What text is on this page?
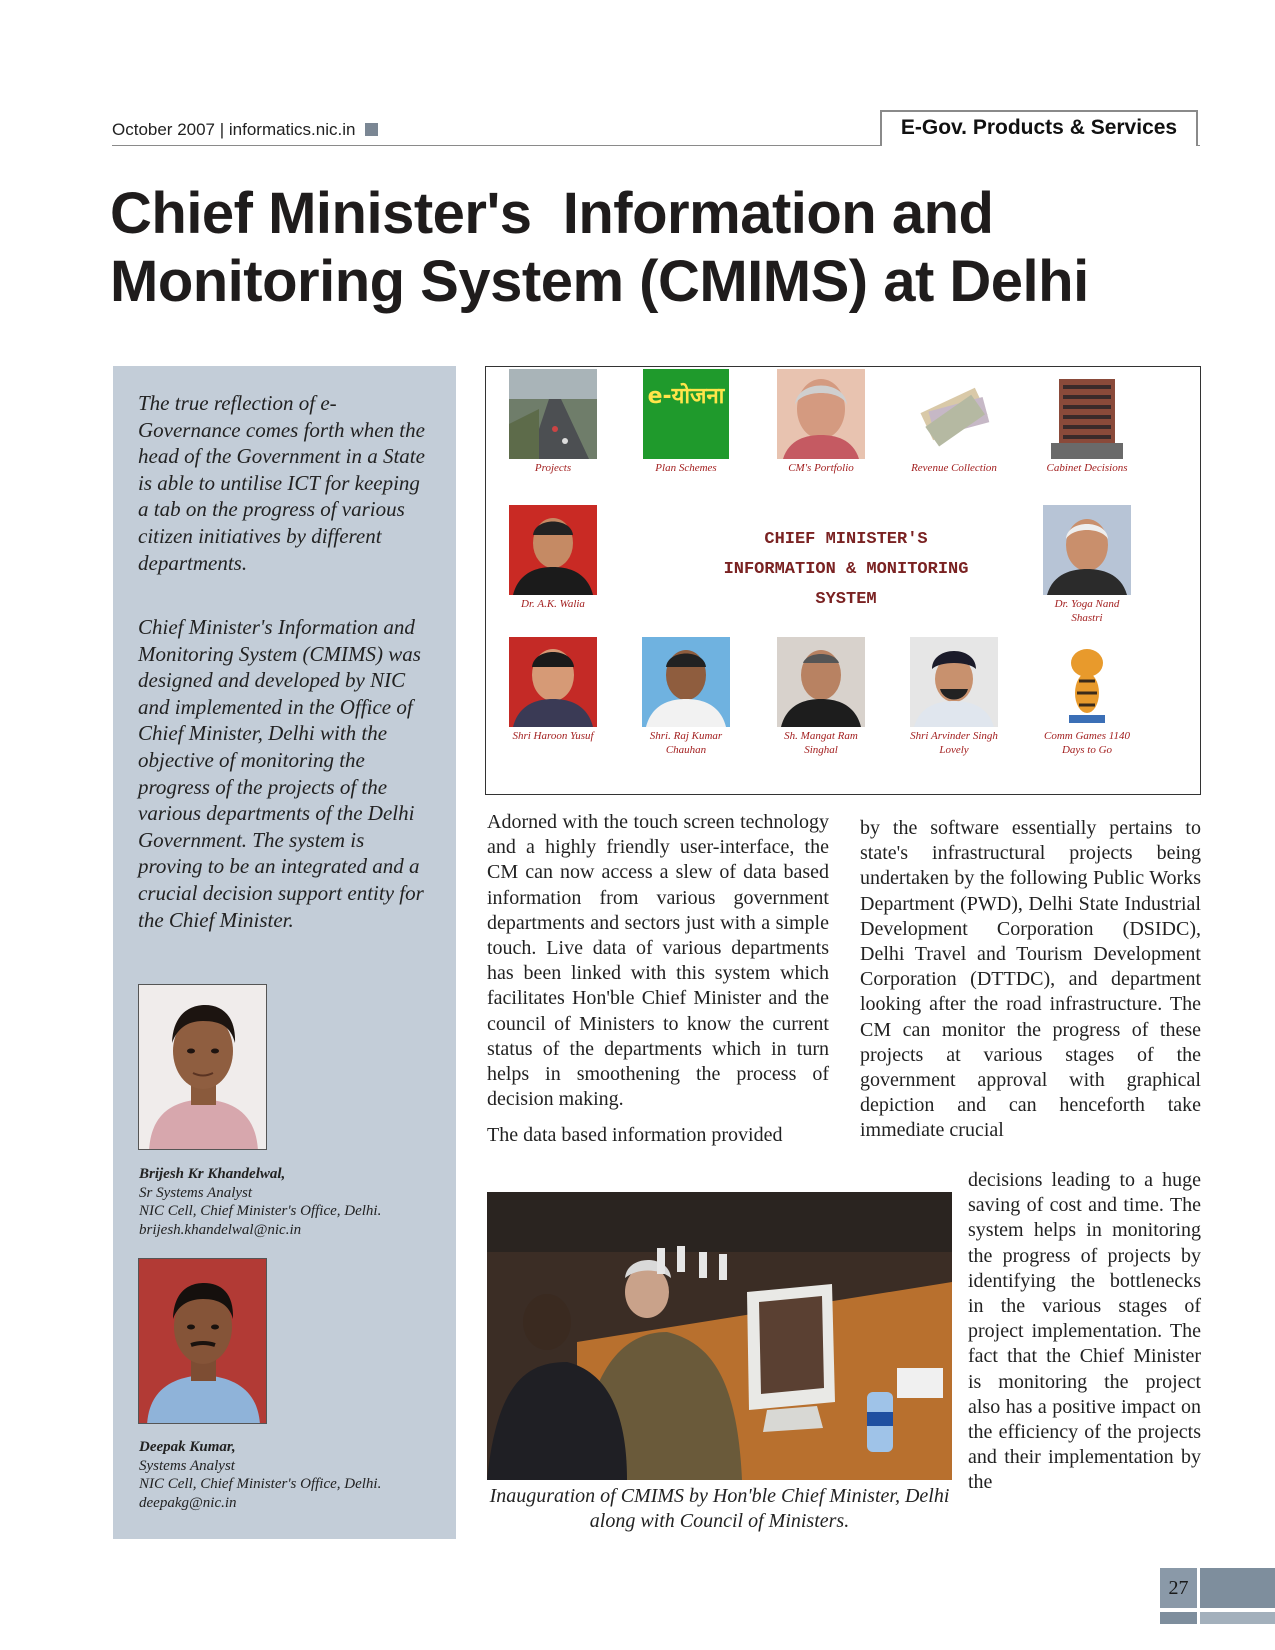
October 2007 | informatics.nic.in	E-Gov. Products & Services
Chief Minister's  Information and
Monitoring System (CMIMS) at Delhi

The true reflection of e-Governance comes forth when the head of the Government in a State is able to untilise ICT for keeping a tab on the progress of various citizen initiatives by different departments.

Chief Minister's Information and Monitoring System (CMIMS) was designed and developed by NIC and implemented in the Office of Chief Minister, Delhi with the objective of monitoring the progress of the projects of the various departments of the Delhi Government. The system is proving to be an integrated and a crucial decision support entity for the Chief Minister.

Brijesh Kr Khandelwal,
Sr Systems Analyst
NIC Cell, Chief Minister's Office, Delhi.
brijesh.khandelwal@nic.in
Deepak Kumar,
Systems Analyst
NIC Cell, Chief Minister's Office, Delhi.
deepakg@nic.in
Projects
e-योजना
Plan Schemes	CM's Portfolio	Revenue Collection	Cabinet Decisions
Dr. A.K. Walia
CHIEF MINISTER'S
INFORMATION & MONITORING
SYSTEM	Dr. Yoga Nand Shastri
Shri Haroon Yusuf	Shri. Raj Kumar Chauhan
Sh. Mangat Ram Singhal
Shri Arvinder Singh Lovely
Comm Games 1140 Days to Go

Adorned with the touch screen technology and a highly friendly user-interface, the CM can now access a slew of data based information from various government departments and sectors just with a simple touch. Live data of various departments has been linked with this system which facilitates Hon'ble Chief Minister and the council of Ministers to know the current status of the departments which in turn helps in smoothening the process of decision making.

The data based information provided

by the software essentially pertains to state's infrastructural projects being undertaken by the following Public Works Department (PWD), Delhi State Industrial Development Corporation (DSIDC), Delhi Travel and Tourism Development Corporation (DTTDC), and department looking after the road infrastructure. The CM can monitor the progress of these projects at various stages of the government approval with graphical depiction and can henceforth take immediate crucial

decisions leading to a huge saving of cost and time. The system helps in monitoring the progress of projects by identifying the bottlenecks in the various stages of project implementation. The fact that the Chief Minister is monitoring the project also has a positive impact on the efficiency of the projects and their implementation by the

Inauguration of CMIMS by Hon'ble Chief Minister, Delhi along with Council of Ministers.
27
